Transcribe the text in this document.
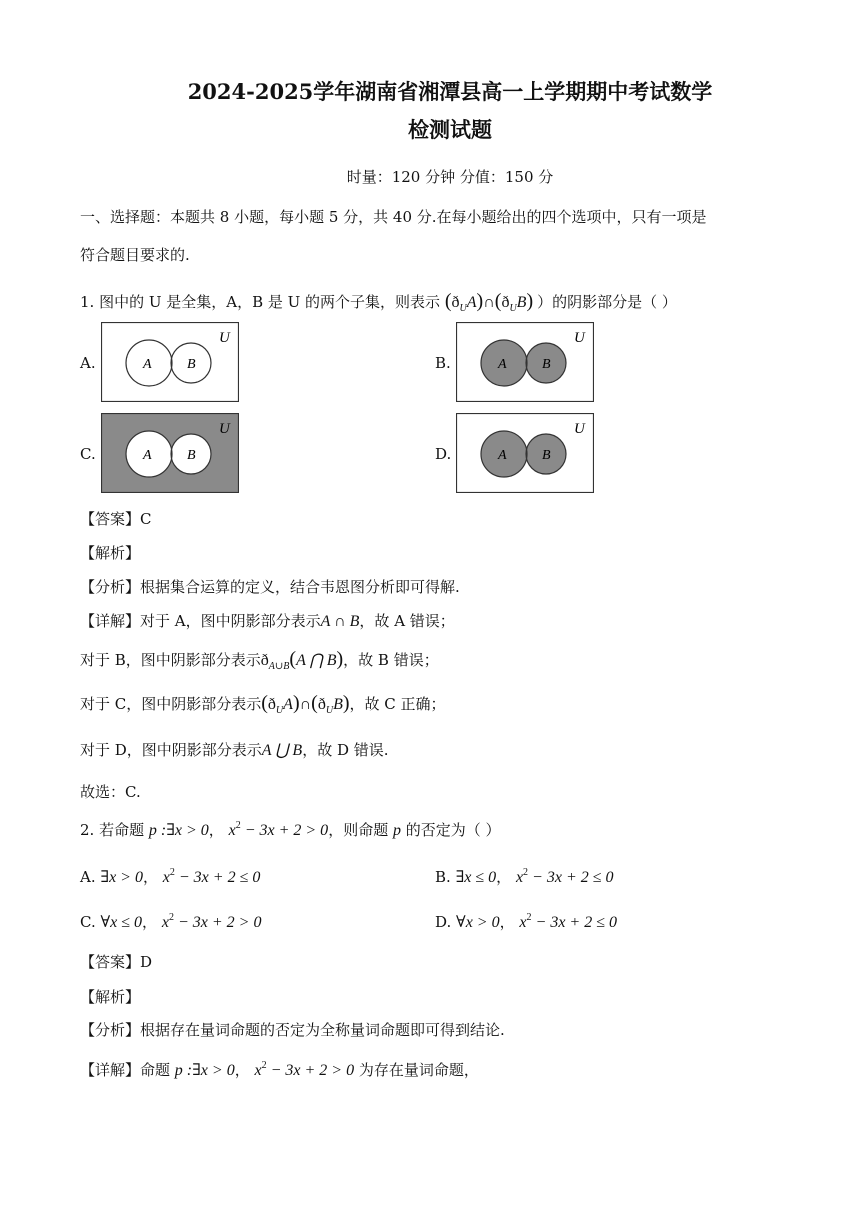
2024-2025学年湖南省湘潭县高一上学期期中考试数学
检测试题
时量：120 分钟 分值：150 分
一、选择题：本题共 8 小题，每小题 5 分，共 40 分.在每小题给出的四个选项中，只有一项是
符合题目要求的.
1. 图中的 U 是全集，A，B 是 U 的两个子集，则表示 $(ð_UA)\cap(ð_UB)$ ）的阴影部分是（ ）
A.
U
A	B	B.
U
A	B
C.
U
A	B	D.
U
A	B
【答案】C
【解析】
【分析】根据集合运算的定义，结合韦恩图分析即可得解.
【详解】对于 A，图中阴影部分表示A ∩ B，故 A 错误；
对于 B，图中阴影部分表示$ð_{A\cup B}(A$ ⋂ B)，故 B 错误；
对于 C，图中阴影部分表示$(ð_UA)\cap(ð_UB)$，故 C 正确；
对于 D，图中阴影部分表示A ⋃ B，故 D 错误.
故选：C.
2. 若命题 p :∃x > 0， $x^2 - 3x + 2 > 0$，则命题 p 的否定为（ ）
A. ∃x > 0， $x^2 - 3x + 2 \le 0$	B. ∃x ≤ 0， $x^2 - 3x + 2 \le 0$
C. ∀x ≤ 0， $x^2 - 3x + 2 > 0$	D. ∀x > 0， $x^2 - 3x + 2 \le 0$
【答案】D
【解析】
【分析】根据存在量词命题的否定为全称量词命题即可得到结论.
【详解】命题 p :∃x > 0， $x^2 - 3x + 2 > 0$ 为存在量词命题，
